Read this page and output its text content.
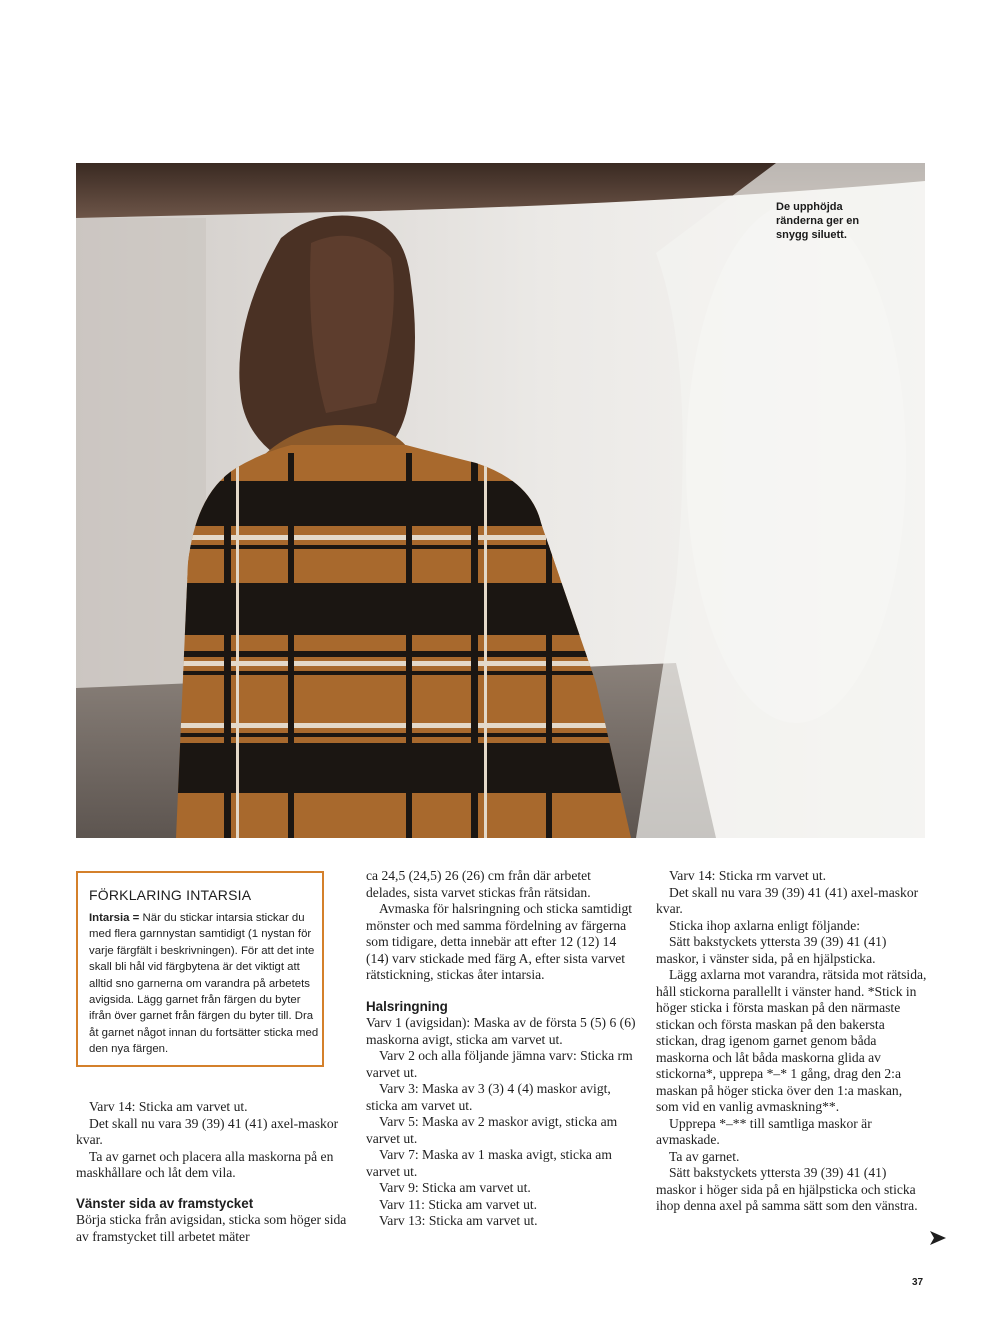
De upphöjda ränderna ger en snygg siluett.
FÖRKLARING INTARSIA
Intarsia = När du stickar intarsia stickar du med flera garnnystan samtidigt (1 nystan för varje färgfält i beskrivningen). För att det inte skall bli hål vid färgbytena är det viktigt att alltid sno garnerna om varandra på arbetets avigsida. Lägg garnet från färgen du byter ifrån över garnet från färgen du byter till. Dra åt garnet något innan du fortsätter sticka med den nya färgen.

Varv 14: Sticka am varvet ut.

Det skall nu vara 39 (39) 41 (41) axel-maskor kvar.

Ta av garnet och placera alla maskorna på en maskhållare och låt dem vila.

Vänster sida av framstycket

Börja sticka från avigsidan, sticka som höger sida av framstycket till arbetet mäter

ca 24,5 (24,5) 26 (26) cm från där arbetet delades, sista varvet stickas från rätsidan.

Avmaska för halsringning och sticka samtidigt mönster och med samma fördelning av färgerna som tidigare, detta innebär att efter 12 (12) 14 (14) varv stickade med färg A, efter sista varvet rätstickning, stickas åter intarsia.

Halsringning

Varv 1 (avigsidan): Maska av de första 5 (5) 6 (6) maskorna avigt, sticka am varvet ut.

Varv 2 och alla följande jämna varv: Sticka rm varvet ut.

Varv 3: Maska av 3 (3) 4 (4) maskor avigt, sticka am varvet ut.

Varv 5: Maska av 2 maskor avigt, sticka am varvet ut.

Varv 7: Maska av 1 maska avigt, sticka am varvet ut.

Varv 9: Sticka am varvet ut.

Varv 11: Sticka am varvet ut.

Varv 13: Sticka am varvet ut.

Varv 14: Sticka rm varvet ut.

Det skall nu vara 39 (39) 41 (41) axel-maskor kvar.

Sticka ihop axlarna enligt följande:

Sätt bakstyckets yttersta 39 (39) 41 (41) maskor, i vänster sida, på en hjälpsticka.

Lägg axlarna mot varandra, rätsida mot rätsida, håll stickorna parallellt i vänster hand. *Stick in höger sticka i första maskan på den närmaste stickan och första maskan på den bakersta stickan, drag igenom garnet genom båda maskorna och låt båda maskorna glida av stickorna*, upprepa *–* 1 gång, drag den 2:a maskan på höger sticka över den 1:a maskan, som vid en vanlig avmaskning**.

Upprepa *–** till samtliga maskor är avmaskade.

Ta av garnet.

Sätt bakstyckets yttersta 39 (39) 41 (41) maskor i höger sida på en hjälpsticka och sticka ihop denna axel på samma sätt som den vänstra.

37
